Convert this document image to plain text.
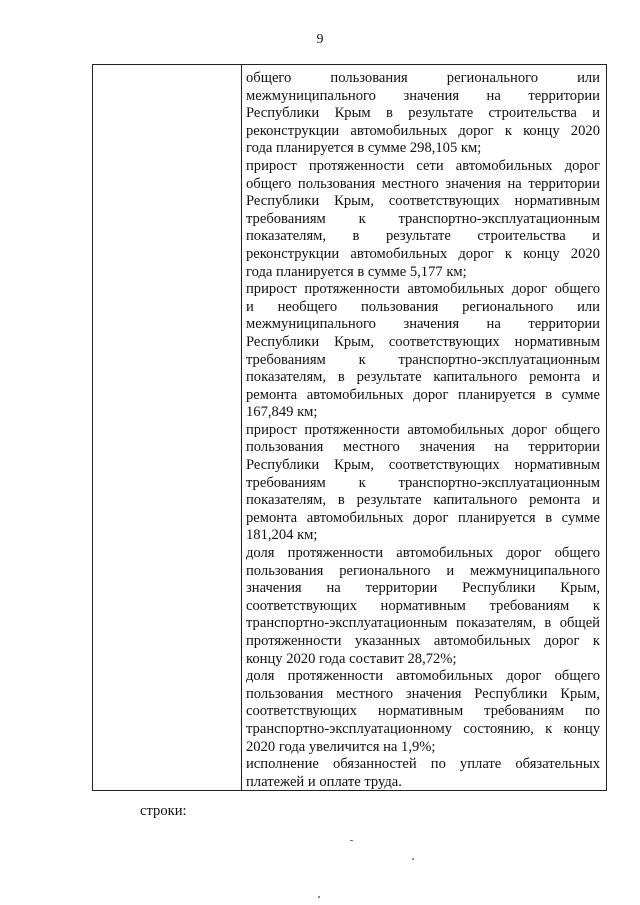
9
общего пользования регионального или
межмуниципального значения на территории
Республики Крым в результате строительства и
реконструкции автомобильных дорог к концу 2020
года планируется в сумме 298,105 км;
прирост протяженности сети автомобильных дорог
общего пользования местного значения на территории
Республики Крым, соответствующих нормативным
требованиям к транспортно-эксплуатационным
показателям, в результате строительства и
реконструкции автомобильных дорог к концу 2020
года планируется в сумме 5,177 км;
прирост протяженности автомобильных дорог общего
и необщего пользования регионального или
межмуниципального значения на территории
Республики Крым, соответствующих нормативным
требованиям к транспортно-эксплуатационным
показателям, в результате капитального ремонта и
ремонта автомобильных дорог планируется в сумме
167,849 км;
прирост протяженности автомобильных дорог общего
пользования местного значения на территории
Республики Крым, соответствующих нормативным
требованиям к транспортно-эксплуатационным
показателям, в результате капитального ремонта и
ремонта автомобильных дорог планируется в сумме
181,204 км;
доля протяженности автомобильных дорог общего
пользования регионального и межмуниципального
значения на территории Республики Крым,
соответствующих нормативным требованиям к
транспортно-эксплуатационным показателям, в общей
протяженности указанных автомобильных дорог к
концу 2020 года составит 28,72%;
доля протяженности автомобильных дорог общего
пользования местного значения Республики Крым,
соответствующих нормативным требованиям по
транспортно-эксплуатационному состоянию, к концу
2020 года увеличится на 1,9%;
исполнение обязанностей по уплате обязательных
платежей и оплате труда.
строки:
